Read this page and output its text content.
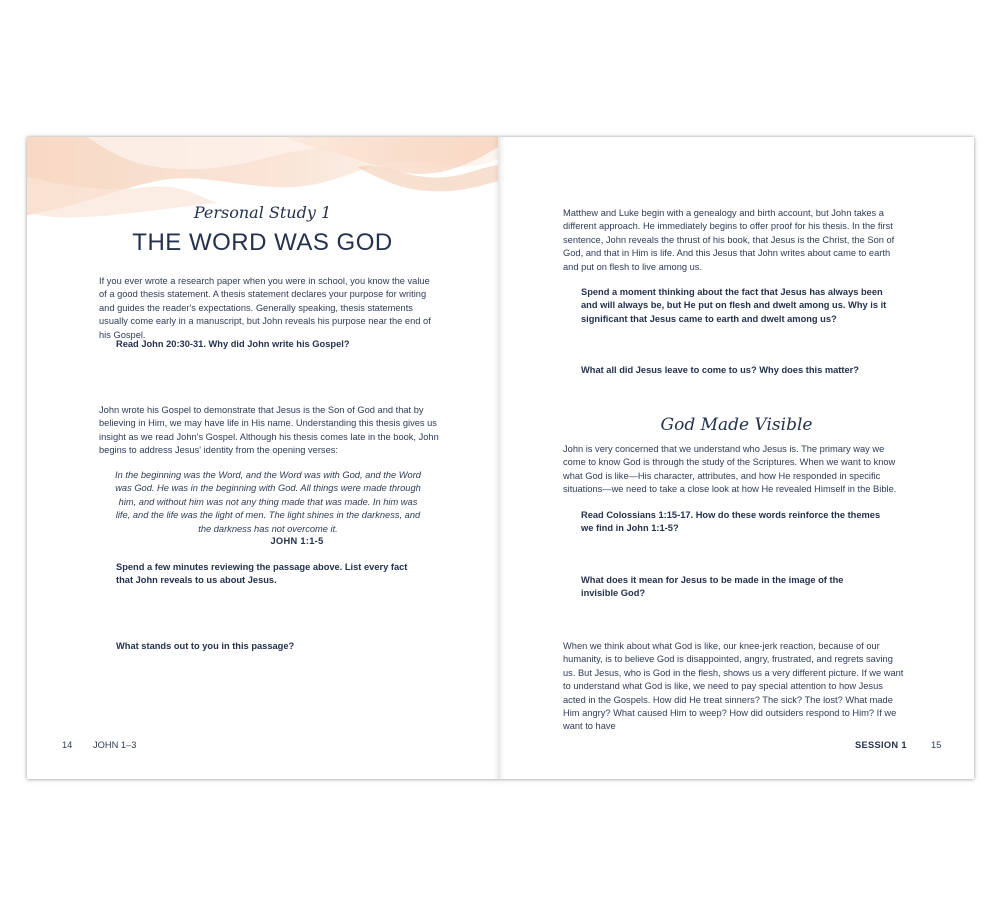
Personal Study 1
THE WORD WAS GOD

If you ever wrote a research paper when you were in school, you know the value of a good thesis statement. A thesis statement declares your purpose for writing and guides the reader's expectations. Generally speaking, thesis statements usually come early in a manuscript, but John reveals his purpose near the end of his Gospel.

Read John 20:30-31. Why did John write his Gospel?

John wrote his Gospel to demonstrate that Jesus is the Son of God and that by believing in Him, we may have life in His name. Understanding this thesis gives us insight as we read John's Gospel. Although his thesis comes late in the book, John begins to address Jesus' identity from the opening verses:

In the beginning was the Word, and the Word was with God, and the Word was God. He was in the beginning with God. All things were made through him, and without him was not any thing made that was made. In him was life, and the life was the light of men. The light shines in the darkness, and the darkness has not overcome it.

JOHN 1:1-5

Spend a few minutes reviewing the passage above. List every fact that John reveals to us about Jesus.

What stands out to you in this passage?

14 JOHN 1–3

Matthew and Luke begin with a genealogy and birth account, but John takes a different approach. He immediately begins to offer proof for his thesis. In the first sentence, John reveals the thrust of his book, that Jesus is the Christ, the Son of God, and that in Him is life. And this Jesus that John writes about came to earth and put on flesh to live among us.

Spend a moment thinking about the fact that Jesus has always been and will always be, but He put on flesh and dwelt among us. Why is it significant that Jesus came to earth and dwelt among us?

What all did Jesus leave to come to us? Why does this matter?

God Made Visible

John is very concerned that we understand who Jesus is. The primary way we come to know God is through the study of the Scriptures. When we want to know what God is like—His character, attributes, and how He responded in specific situations—we need to take a close look at how He revealed Himself in the Bible.

Read Colossians 1:15-17. How do these words reinforce the themes we find in John 1:1-5?

What does it mean for Jesus to be made in the image of the invisible God?

When we think about what God is like, our knee-jerk reaction, because of our humanity, is to believe God is disappointed, angry, frustrated, and regrets saving us. But Jesus, who is God in the flesh, shows us a very different picture. If we want to understand what God is like, we need to pay special attention to how Jesus acted in the Gospels. How did He treat sinners? The sick? The lost? What made Him angry? What caused Him to weep? How did outsiders respond to Him? If we want to have

SESSION 1	15
